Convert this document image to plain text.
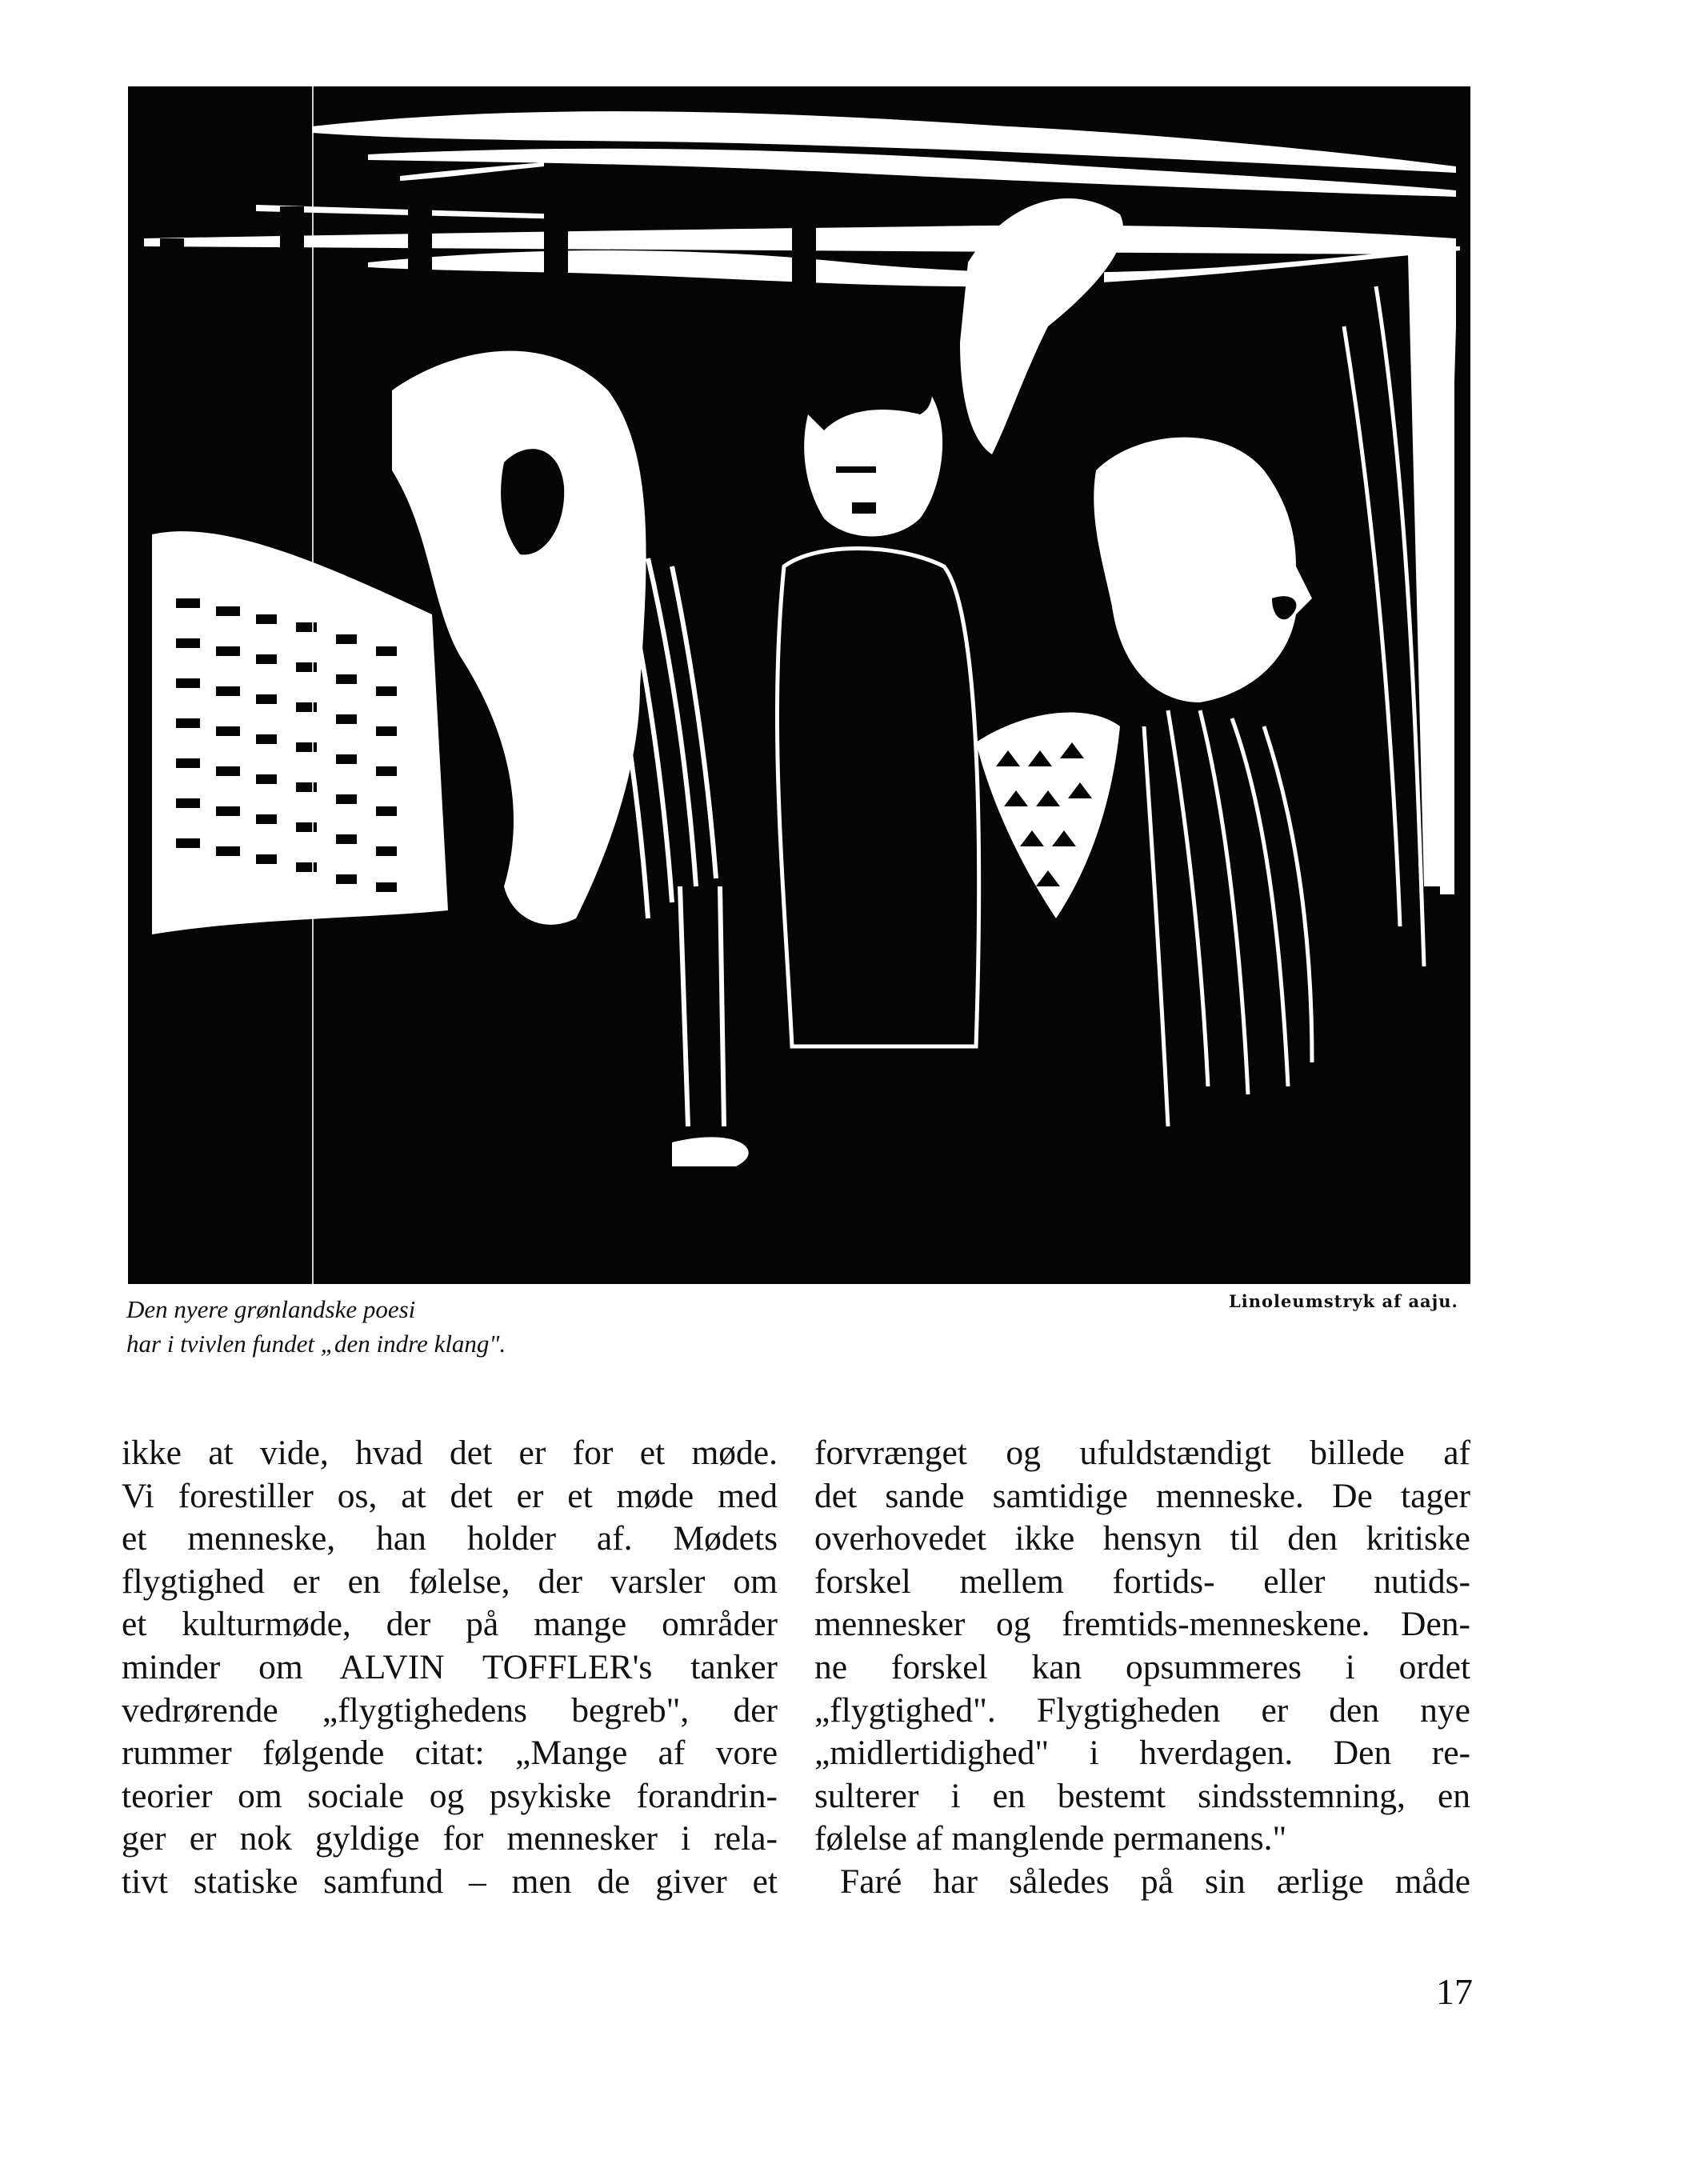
Den nyere grønlandske poesi
har i tvivlen fundet „den indre klang".
Linoleumstryk af aaju.
ikke at vide, hvad det er for et møde.
Vi forestiller os, at det er et møde med
et menneske, han holder af. Mødets
flygtighed er en følelse, der varsler om
et kulturmøde, der på mange områder
minder om ALVIN TOFFLER's tanker
vedrørende „flygtighedens begreb", der
rummer følgende citat: „Mange af vore
teorier om sociale og psykiske forandrin-
ger er nok gyldige for mennesker i rela-
tivt statiske samfund – men de giver et
forvrænget og ufuldstændigt billede af
det sande samtidige menneske. De tager
overhovedet ikke hensyn til den kritiske
forskel mellem fortids- eller nutids-
mennesker og fremtids-menneskene. Den-
ne forskel kan opsummeres i ordet
„flygtighed". Flygtigheden er den nye
„midlertidighed" i hverdagen. Den re-
sulterer i en bestemt sindsstemning, en
følelse af manglende permanens."
Faré har således på sin ærlige måde
17
